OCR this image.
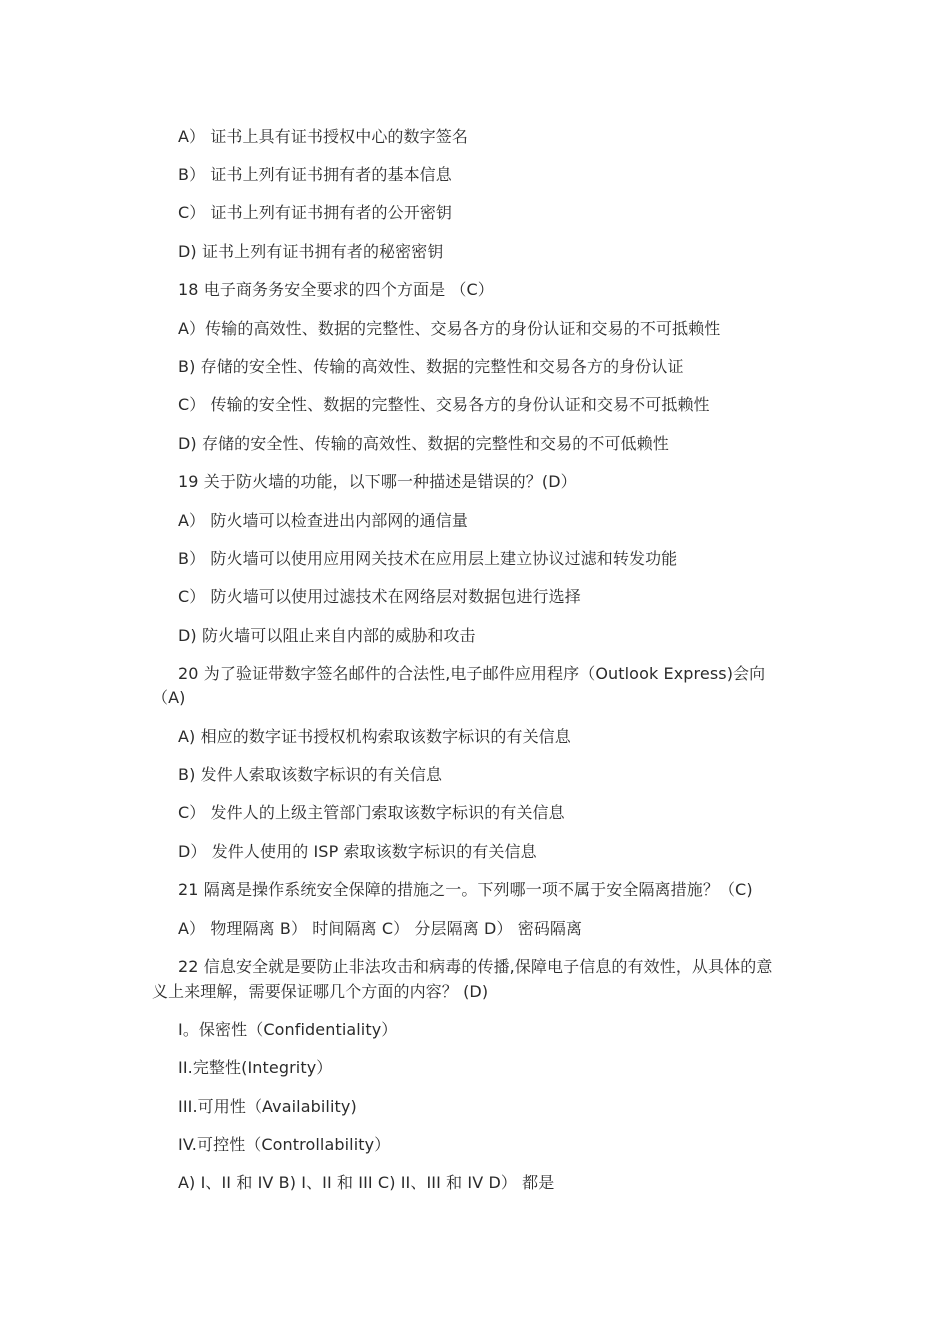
A） 证书上具有证书授权中心的数字签名
B） 证书上列有证书拥有者的基本信息
C） 证书上列有证书拥有者的公开密钥
D) 证书上列有证书拥有者的秘密密钥
18 电子商务务安全要求的四个方面是 （C）
A）传输的高效性、数据的完整性、交易各方的身份认证和交易的不可抵赖性
B) 存储的安全性、传输的高效性、数据的完整性和交易各方的身份认证
C） 传输的安全性、数据的完整性、交易各方的身份认证和交易不可抵赖性
D) 存储的安全性、传输的高效性、数据的完整性和交易的不可低赖性
19 关于防火墙的功能，以下哪一种描述是错误的？(D）
A） 防火墙可以检查进出内部网的通信量
B） 防火墙可以使用应用网关技术在应用层上建立协议过滤和转发功能
C） 防火墙可以使用过滤技术在网络层对数据包进行选择
D) 防火墙可以阻止来自内部的威胁和攻击
20 为了验证带数字签名邮件的合法性,电子邮件应用程序（Outlook Express)会向
（A)
A) 相应的数字证书授权机构索取该数字标识的有关信息
B) 发件人索取该数字标识的有关信息
C） 发件人的上级主管部门索取该数字标识的有关信息
D） 发件人使用的 ISP 索取该数字标识的有关信息
21 隔离是操作系统安全保障的措施之一。下列哪一项不属于安全隔离措施？（C)
A） 物理隔离 B） 时间隔离 C） 分层隔离 D） 密码隔离
22 信息安全就是要防止非法攻击和病毒的传播,保障电子信息的有效性，从具体的意
义上来理解，需要保证哪几个方面的内容？ (D)
I。保密性（Confidentiality）
II.完整性(Integrity）
III.可用性（Availability)
IV.可控性（Controllability）
A) I、II 和 IV B) I、II 和 III C) II、III 和 IV D） 都是
